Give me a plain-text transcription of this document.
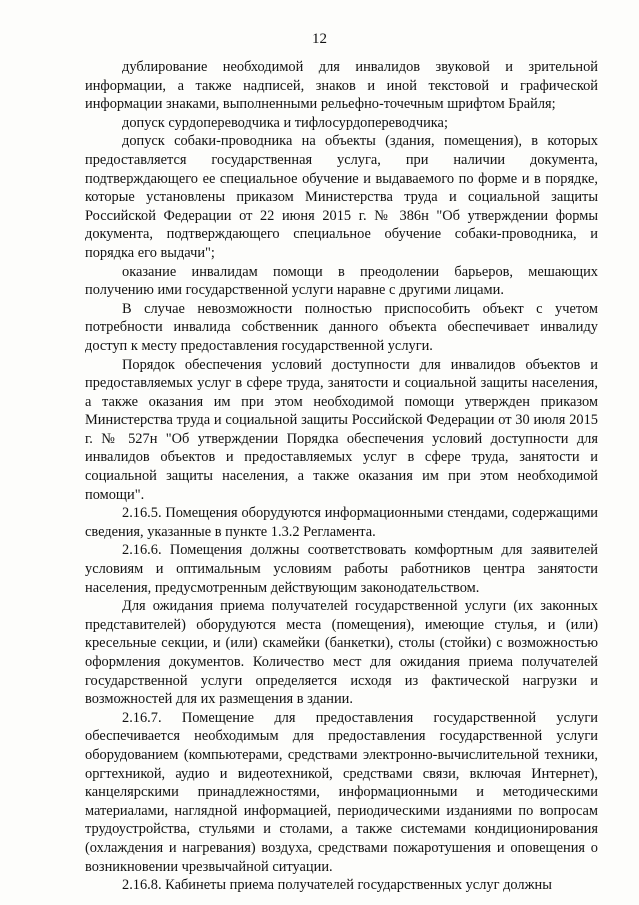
12

дублирование необходимой для инвалидов звуковой и зрительной информации, а также надписей, знаков и иной текстовой и графической информации знаками, выполненными рельефно-точечным шрифтом Брайля;

допуск сурдопереводчика и тифлосурдопереводчика;

допуск собаки-проводника на объекты (здания, помещения), в которых предоставляется государственная услуга, при наличии документа, подтверждающего ее специальное обучение и выдаваемого по форме и в порядке, которые установлены приказом Министерства труда и социальной защиты Российской Федерации от 22 июня 2015 г. № 386н "Об утверждении формы документа, подтверждающего специальное обучение собаки-проводника, и порядка его выдачи";

оказание инвалидам помощи в преодолении барьеров, мешающих получению ими государственной услуги наравне с другими лицами.

В случае невозможности полностью приспособить объект с учетом потребности инвалида собственник данного объекта обеспечивает инвалиду доступ к месту предоставления государственной услуги.

Порядок обеспечения условий доступности для инвалидов объектов и предоставляемых услуг в сфере труда, занятости и социальной защиты населения, а также оказания им при этом необходимой помощи утвержден приказом Министерства труда и социальной защиты Российской Федерации от 30 июля 2015 г. № 527н "Об утверждении Порядка обеспечения условий доступности для инвалидов объектов и предоставляемых услуг в сфере труда, занятости и социальной защиты населения, а также оказания им при этом необходимой помощи".

2.16.5. Помещения оборудуются информационными стендами, содержащими сведения, указанные в пункте 1.3.2 Регламента.

2.16.6. Помещения должны соответствовать комфортным для заявителей условиям и оптимальным условиям работы работников центра занятости населения, предусмотренным действующим законодательством.

Для ожидания приема получателей государственной услуги (их законных представителей) оборудуются места (помещения), имеющие стулья, и (или) кресельные секции, и (или) скамейки (банкетки), столы (стойки) с возможностью оформления документов. Количество мест для ожидания приема получателей государственной услуги определяется исходя из фактической нагрузки и возможностей для их размещения в здании.

2.16.7. Помещение для предоставления государственной услуги обеспечивается необходимым для предоставления государственной услуги оборудованием (компьютерами, средствами электронно-вычислительной техники, оргтехникой, аудио и видеотехникой, средствами связи, включая Интернет), канцелярскими принадлежностями, информационными и методическими материалами, наглядной информацией, периодическими изданиями по вопросам трудоустройства, стульями и столами, а также системами кондиционирования (охлаждения и нагревания) воздуха, средствами пожаротушения и оповещения о возникновении чрезвычайной ситуации.

2.16.8. Кабинеты приема получателей государственных услуг должны
